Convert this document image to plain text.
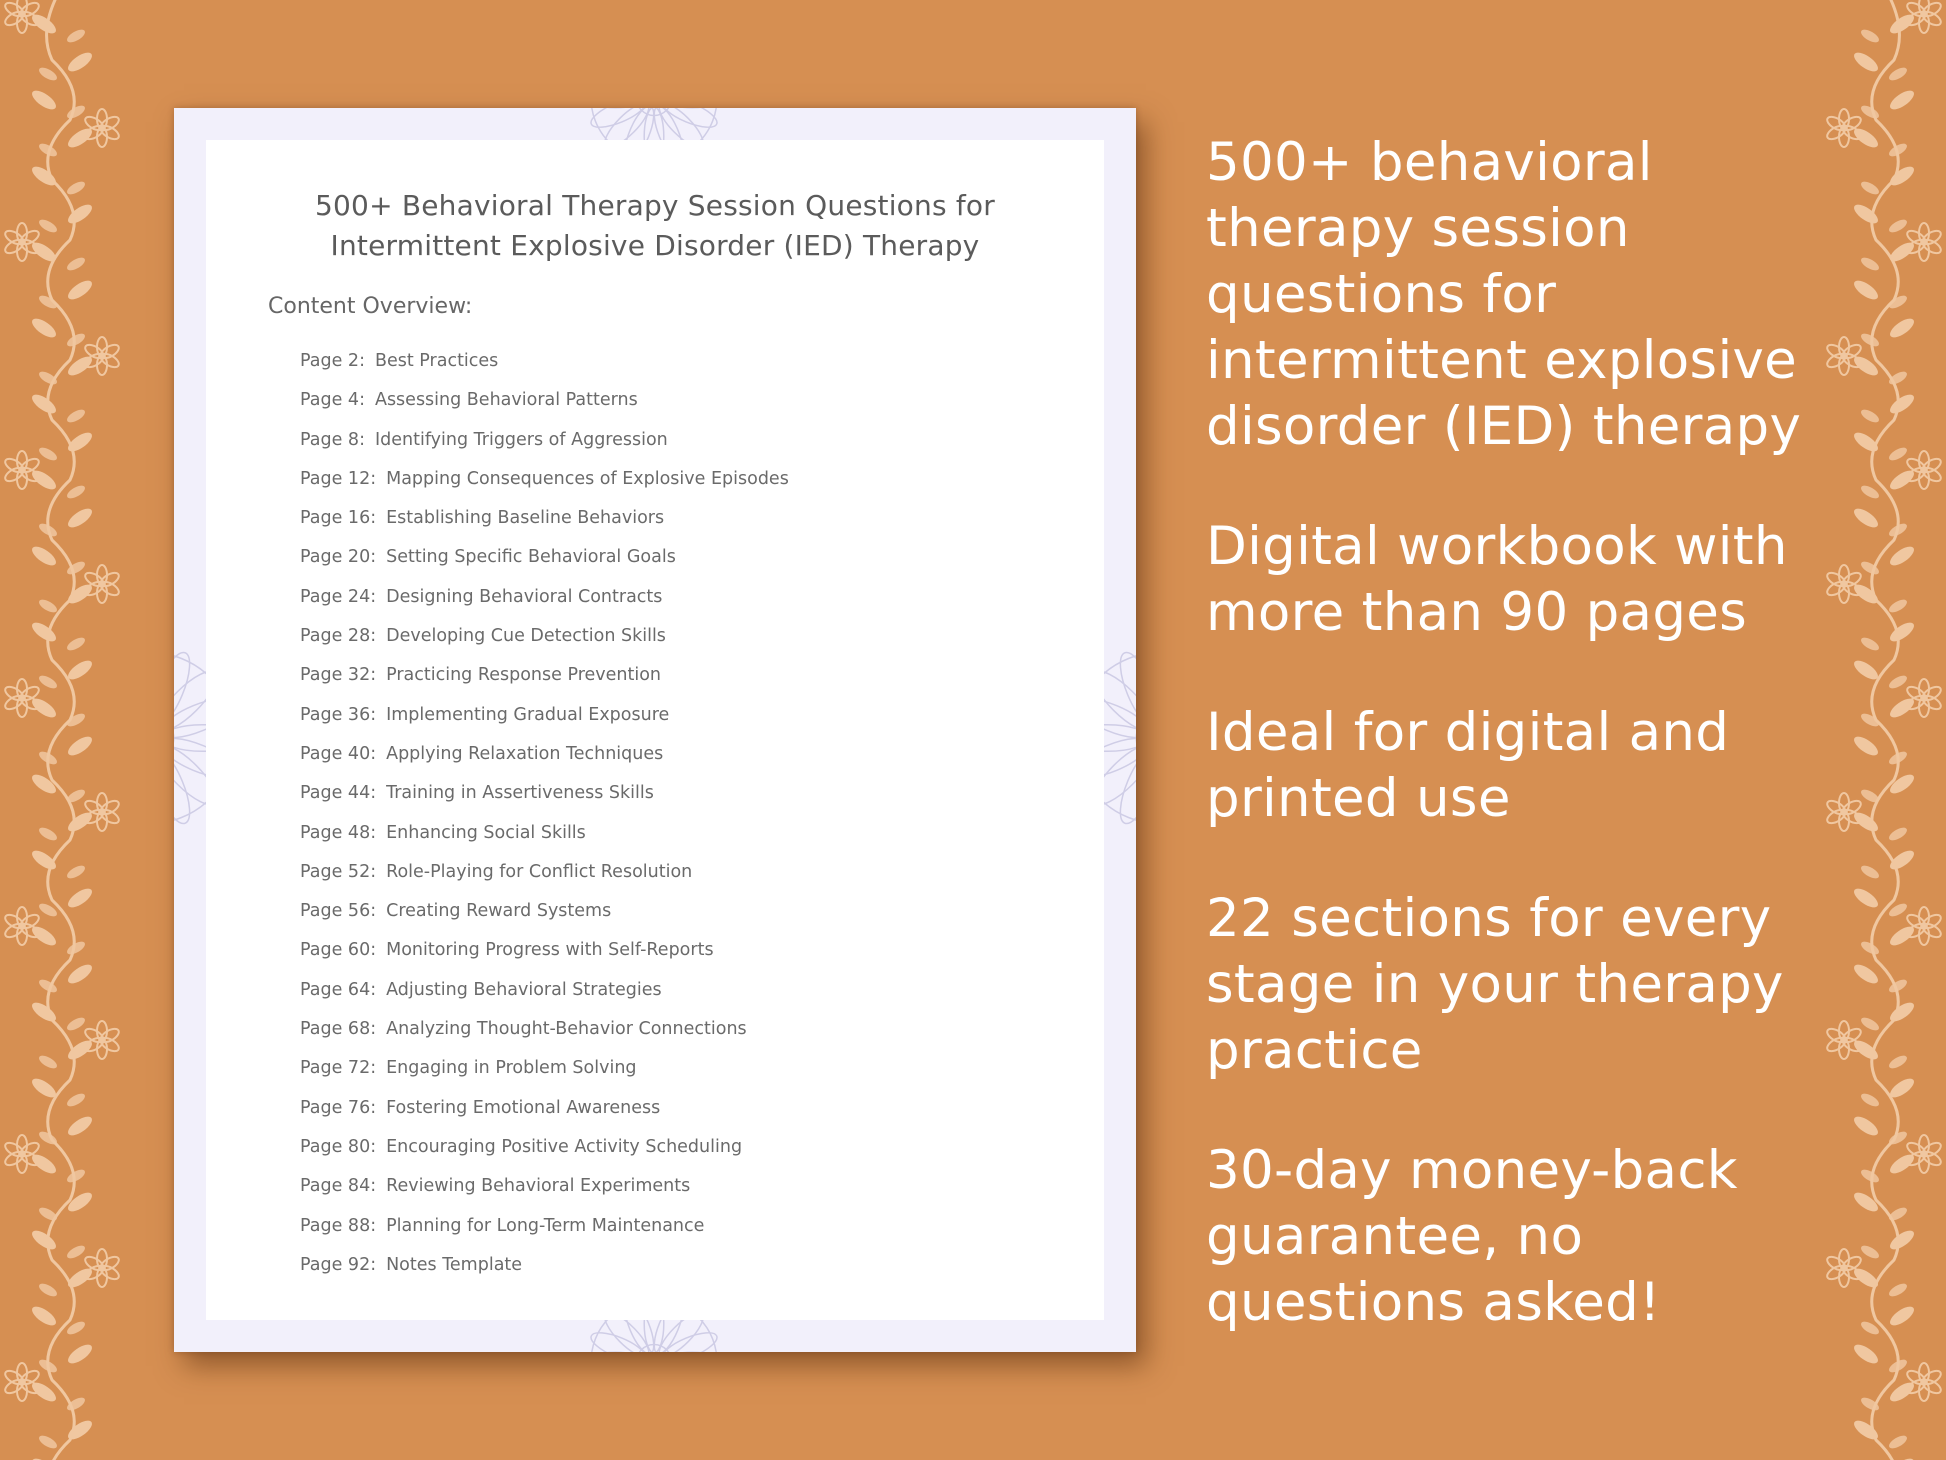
500+ Behavioral Therapy Session Questions for
Intermittent Explosive Disorder (IED) Therapy
Content Overview:
Page 2: Best Practices
Page 4: Assessing Behavioral Patterns
Page 8: Identifying Triggers of Aggression
Page 12: Mapping Consequences of Explosive Episodes
Page 16: Establishing Baseline Behaviors
Page 20: Setting Specific Behavioral Goals
Page 24: Designing Behavioral Contracts
Page 28: Developing Cue Detection Skills
Page 32: Practicing Response Prevention
Page 36: Implementing Gradual Exposure
Page 40: Applying Relaxation Techniques
Page 44: Training in Assertiveness Skills
Page 48: Enhancing Social Skills
Page 52: Role-Playing for Conflict Resolution
Page 56: Creating Reward Systems
Page 60: Monitoring Progress with Self-Reports
Page 64: Adjusting Behavioral Strategies
Page 68: Analyzing Thought-Behavior Connections
Page 72: Engaging in Problem Solving
Page 76: Fostering Emotional Awareness
Page 80: Encouraging Positive Activity Scheduling
Page 84: Reviewing Behavioral Experiments
Page 88: Planning for Long-Term Maintenance
Page 92: Notes Template
500+ behavioral
therapy session
questions for
intermittent explosive
disorder (IED) therapy
Digital workbook with
more than 90 pages
Ideal for digital and
printed use
22 sections for every
stage in your therapy
practice
30-day money-back
guarantee, no
questions asked!
